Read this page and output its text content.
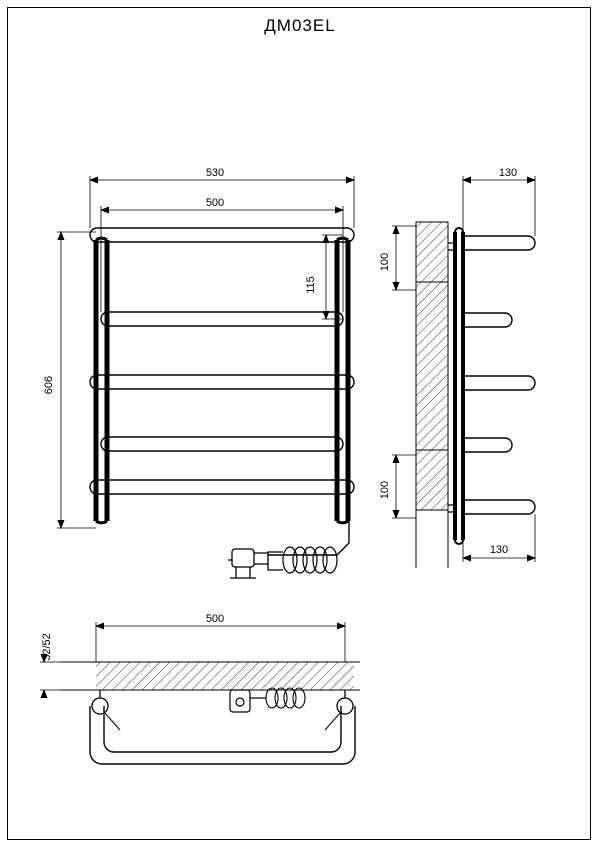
ДМ03EL
530
500
115
606
130
100
100
130
500
32/52
